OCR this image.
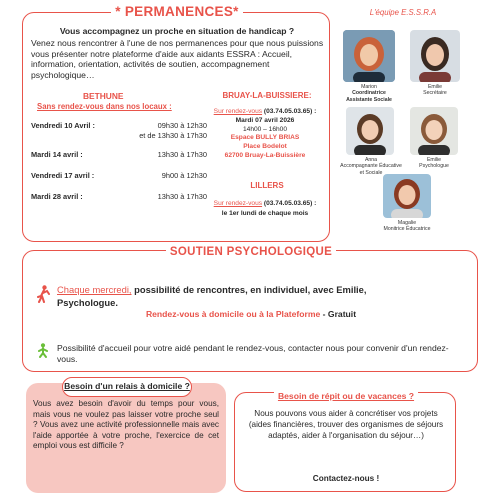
* PERMANENCES*
Vous accompagnez un proche en situation de handicap ?
Venez nous rencontrer à l'une de nos permanences pour que nous puissions vous présenter notre plateforme d'aide aux aidants ESSRA : Accueil, information, orientation, activités de soutien, accompagnement psychologique…
BETHUNE
Sans rendez-vous dans nos locaux :
Vendredi 10 Avril :	09h30 à 12h30
et de 13h30 à 17h30
Mardi 14 avril :	13h30 à 17h30
Vendredi 17 avril :	9h00 à 12h30
Mardi 28 avril :	13h30 à 17h30
BRUAY-LA-BUISSIERE:
Sur rendez-vous (03.74.05.03.65) :
Mardi 07 avril 2026
14h00 – 16h00
Espace BULLY BRIAS
Place Bodelot
62700 Bruay-La-Buissière
LILLERS
Sur rendez-vous (03.74.05.03.65) :
le 1er lundi de chaque mois
L'équipe E.S.S.R.A
Marion
Coordinatrice
Assistante Sociale
Emilie
Secrétaire
Anna
Accompagnante Éducative
et Sociale
Emilie
Psychologue
Magalie
Monitrice Éducatrice
SOUTIEN PSYCHOLOGIQUE
Chaque mercredi, possibilité de rencontres, en individuel, avec Emilie,
Psychologue.
Rendez-vous à domicile ou à la Plateforme - Gratuit
Possibilité d'accueil pour votre aidé pendant le rendez-vous, contacter nous pour convenir d'un rendez-vous.
Besoin d'un relais à domicile ?
Vous avez besoin d'avoir du temps pour vous, mais vous ne voulez pas laisser votre proche seul ? Vous avez une activité professionnelle mais avec l'aide apportée à votre proche, l'exercice de cet emploi vous est difficile ?
Besoin de répit ou de vacances ?
Nous pouvons vous aider à concrétiser vos projets (aides financières, trouver des organismes de séjours adaptés, aider à l'organisation du séjour…)
Contactez-nous !
